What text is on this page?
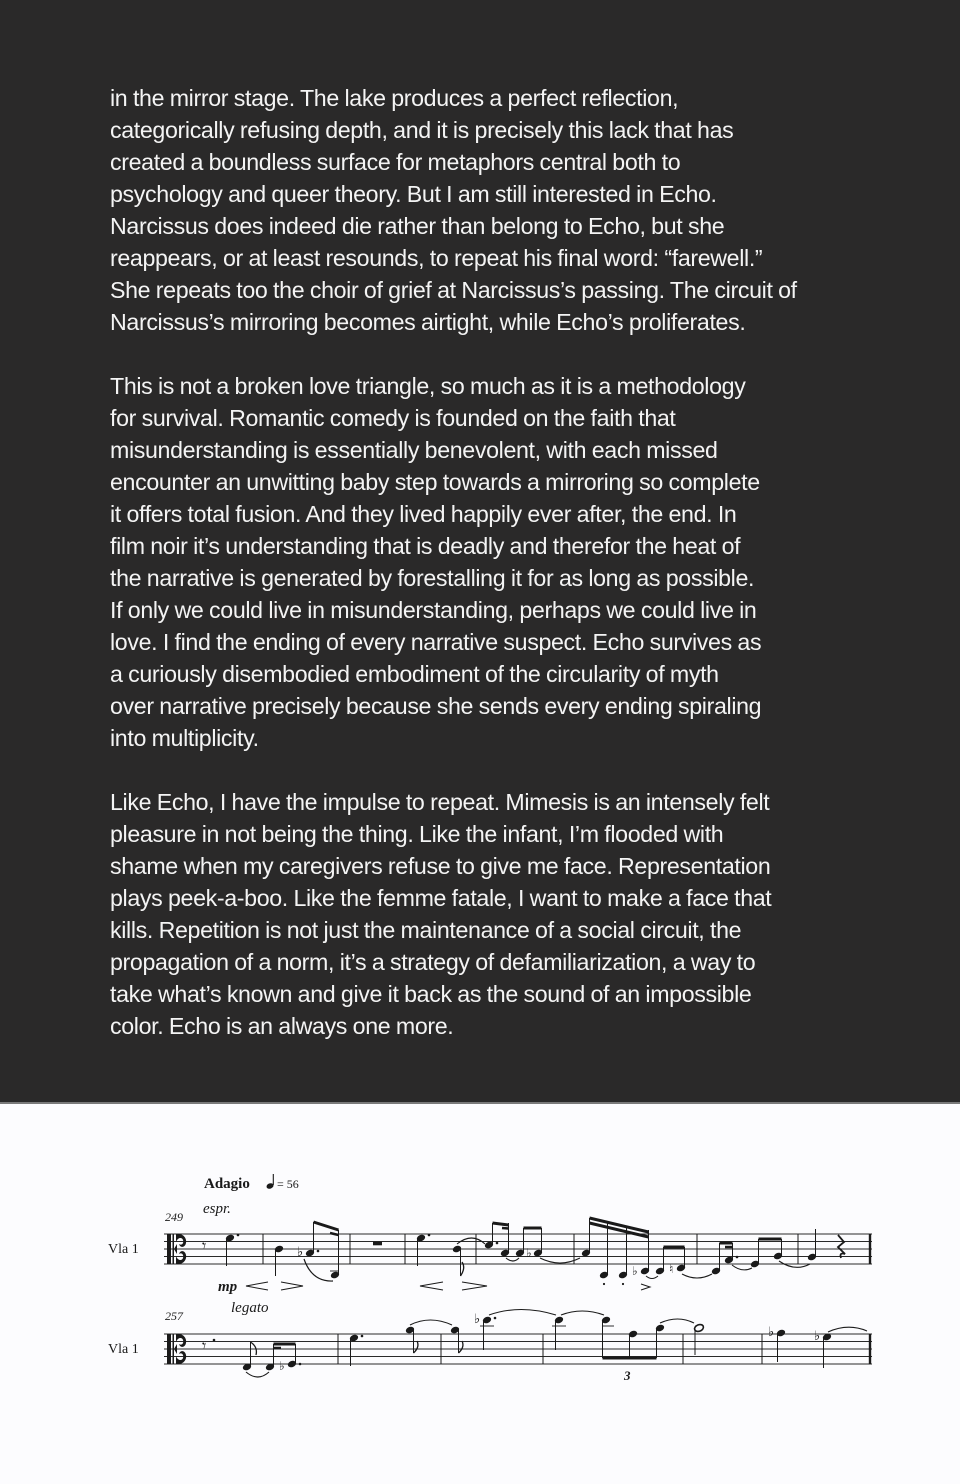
in the mirror stage. The lake produces a perfect reflection,
categorically refusing depth, and it is precisely this lack that has
created a boundless surface for metaphors central both to
psychology and queer theory. But I am still interested in Echo.
Narcissus does indeed die rather than belong to Echo, but she
reappears, or at least resounds, to repeat his final word: “farewell.”
She repeats too the choir of grief at Narcissus’s passing. The circuit of
Narcissus’s mirroring becomes airtight, while Echo’s proliferates.

This is not a broken love triangle, so much as it is a methodology
for survival. Romantic comedy is founded on the faith that
misunderstanding is essentially benevolent, with each missed
encounter an unwitting baby step towards a mirroring so complete
it offers total fusion. And they lived happily ever after, the end. In
film noir it’s understanding that is deadly and therefor the heat of
the narrative is generated by forestalling it for as long as possible.
If only we could live in misunderstanding, perhaps we could live in
love. I find the ending of every narrative suspect. Echo survives as
a curiously disembodied embodiment of the circularity of myth
over narrative precisely because she sends every ending spiraling
into multiplicity.

Like Echo, I have the impulse to repeat. Mimesis is an intensely felt
pleasure in not being the thing. Like the infant, I’m flooded with
shame when my caregivers refuse to give me face. Representation
plays peek-a-boo. Like the femme fatale, I want to make a face that
kills. Repetition is not just the maintenance of a social circuit, the
propagation of a norm, it’s a strategy of defamiliarization, a way to
take what’s known and give it back as the sound of an impossible
color. Echo is an always one more.

Adagio = 56
espr.
249
Vla 1	𝄾	♭	♭
♭	♮
mp
legato
257
Vla 1	𝄾
♭
♭
3
♭	♭
